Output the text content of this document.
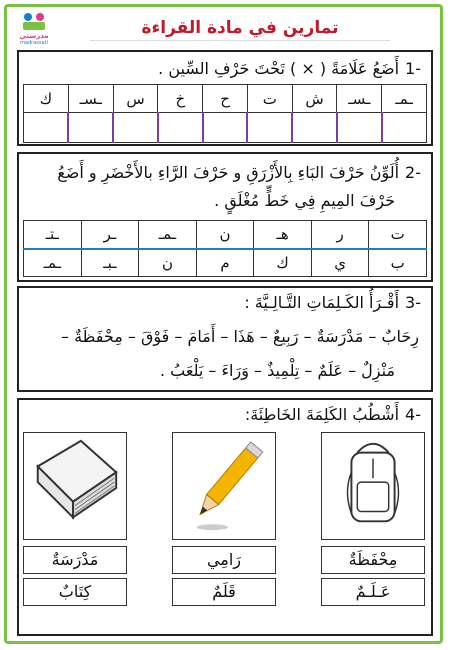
مدرستي
madrassati
تمارين في مادة القراءة
-1أَضَعُ عَلَامَةً ( × ) تَحْتَ حَرْفِ السِّين .
ـمـ	ـسـ	ش	ت	ح	خ	س	ـسـ	ك

-2أُلَوِّنُ حَرْفَ البَاءِ بِالأَزْرَقِ و حَرْفَ الرَّاءِ بالأَخْضَرِ و أَضَعُ
حَرْفَ المِيمِ فِي خَطٍّ مُغْلَقٍ .
ت	ر	هـ	ن	ـمـ	ـر	ـتـ
ب	ي	ك	م	ن	ـبـ	ـمـ
-3أَقْـرَأُ الكَـلِمَاتِ التَّـالِـيَّةَ :
رِحَابٌ – مَدْرَسَةٌ – رَبِيعٌ – هَذَا – أَمَامَ – فَوْقَ – مِحْفَظَةٌ –
مَنْزِلٌ – عَلَمٌ – تِلْمِيذٌ – وَرَاءَ – يَلْعَبُ .
-4أَشْطُبُ الكَلِمَةَ الخَاطِئَةَ:
مِحْفَظَةٌ
عَـلَـمٌ
رَامِي
قَلَمٌ
مَدْرَسَةٌ
كِتَابٌ
